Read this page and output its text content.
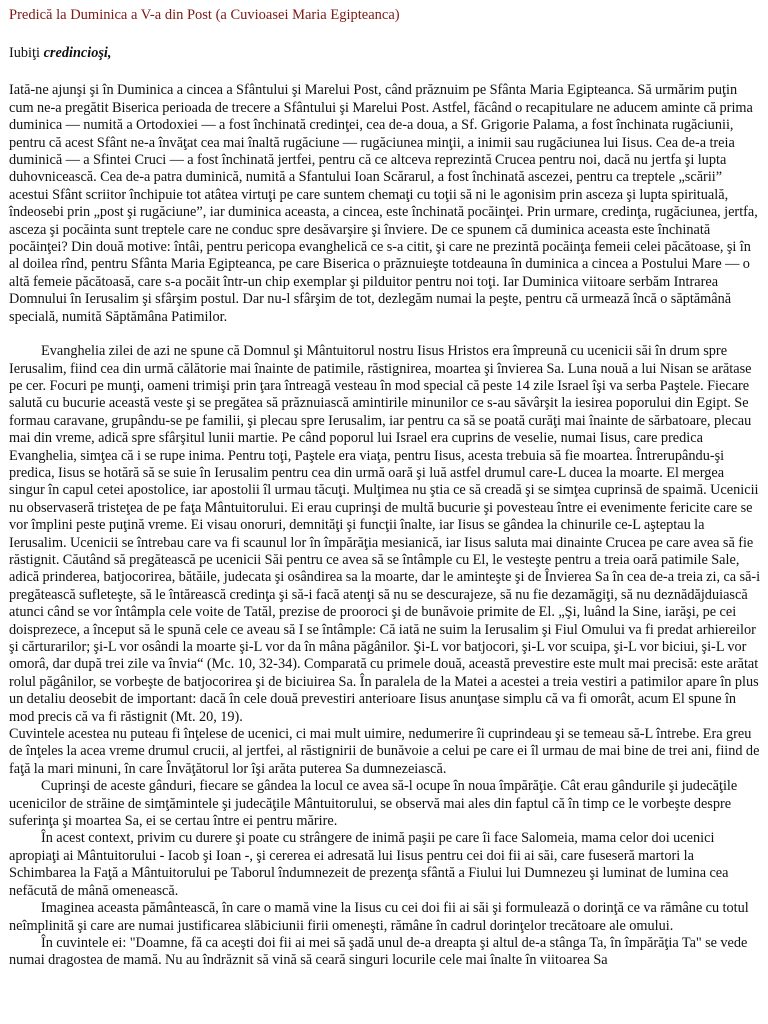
Predică la Duminica a V-a din Post (a Cuvioasei Maria Egipteanca)

Iubiţi credincioşi,

Iată-ne ajunşi şi în Duminica a cincea a Sfântului şi Marelui Post, când prăznuim pe Sfânta Maria Egipteanca. Să urmărim puţin cum ne-a pregătit Biserica perioada de trecere a Sfântului şi Marelui Post. Astfel, făcând o recapitulare ne aducem aminte că prima duminica — numită a Ortodoxiei — a fost închinată credinţei, cea de-a doua, a Sf. Grigorie Palama, a fost închinata rugăciunii, pentru că acest Sfânt ne-a învăţat cea mai înaltă rugăciune — rugăciunea minţii, a inimii sau rugăciunea lui Iisus. Cea de-a treia duminică — a Sfintei Cruci — a fost închinată jertfei, pentru că ce altceva reprezintă Crucea pentru noi, dacă nu jertfa şi lupta duhovnicească. Cea de-a patra duminică, numită a Sfantului Ioan Scărarul, a fost închinată ascezei, pentru ca treptele „scării” acestui Sfânt scriitor închipuie tot atâtea virtuţi pe care suntem chemaţi cu toţii să ni le agonisim prin asceza şi lupta spirituală, îndeosebi prin „post şi rugăciune”, iar duminica aceasta, a cincea, este închinată pocăinţei. Prin urmare, credinţa, rugăciunea, jertfa, asceza şi pocăinta sunt treptele care ne conduc spre desăvarşire şi înviere. De ce spunem că duminica aceasta este închinată pocăinţei? Din două motive: întâi, pentru pericopa evanghelică ce s-a citit, şi care ne prezintă pocăinţa femeii celei păcătoase, şi în al doilea rînd, pentru Sfânta Maria Egipteanca, pe care Biserica o prăznuieşte totdeauna în duminica a cincea a Postului Mare — o altă femeie păcătoasă, care s-a pocăit într-un chip exemplar şi pilduitor pentru noi toţi. Iar Duminica viitoare serbăm Intrarea Domnului în Ierusalim şi sfârşim postul. Dar nu-l sfârşim de tot, dezlegăm numai la peşte, pentru că urmează încă o săptămână specială, numită Săptămâna Patimilor.

Evanghelia zilei de azi ne spune că Domnul şi Mântuitorul nostru Iisus Hristos era împreună cu ucenicii săi în drum spre Ierusalim, fiind cea din urmă călătorie mai înainte de patimile, răstignirea, moartea şi învierea Sa. Luna nouă a lui Nisan se arătase pe cer. Focuri pe munţi, oameni trimişi prin ţara întreagă vesteau în mod special că peste 14 zile Israel îşi va serba Paştele. Fiecare salută cu bucurie această veste şi se pregătea să prăznuiască amintirile minunilor ce s-au săvârşit la iesirea poporului din Egipt. Se formau caravane, grupându-se pe familii, şi plecau spre Ierusalim, iar pentru ca să se poată curăţi mai înainte de sărbatoare, plecau mai din vreme, adică spre sfârşitul lunii martie. Pe când poporul lui Israel era cuprins de veselie, numai Iisus, care predica Evanghelia, simţea că i se rupe inima. Pentru toţi, Paştele era viaţa, pentru Iisus, acesta trebuia să fie moartea. Întrerupându-şi predica, Iisus se hotără să se suie în Ierusalim pentru cea din urmă oară şi luă astfel drumul care-L ducea la moarte. El mergea singur în capul cetei apostolice, iar apostolii îl urmau tăcuţi. Mulţimea nu ştia ce să creadă şi se simţea cuprinsă de spaimă. Ucenicii nu observaseră tristeţea de pe faţa Mântuitorului. Ei erau cuprinşi de multă bucurie şi povesteau între ei evenimente fericite care se vor împlini peste puţină vreme. Ei visau onoruri, demnităţi şi funcţii înalte, iar Iisus se gândea la chinurile ce-L aşteptau la Ierusalim. Ucenicii se întrebau care va fi scaunul lor în împărăţia mesianică, iar Iisus saluta mai dinainte Crucea pe care avea să fie răstignit. Căutând să pregătească pe ucenicii Săi pentru ce avea să se întâmple cu El, le vesteşte pentru a treia oară patimile Sale, adică prinderea, batjocorirea, bătăile, judecata şi osândirea sa la moarte, dar le aminteşte şi de Învierea Sa în cea de-a treia zi, ca să-i pregătească sufleteşte, să le întărească credinţa şi să-i facă atenţi să nu se descurajeze, să nu fie dezamăgiţi, să nu deznădăjduiască atunci când se vor întâmpla cele voite de Tatăl, prezise de prooroci şi de bunăvoie primite de El. „Şi, luând la Sine, iarăşi, pe cei doisprezece, a început să le spună cele ce aveau să I se întâmple: Că iată ne suim la Ierusalim şi Fiul Omului va fi predat arhiereilor şi cărturarilor; şi-L vor osândi la moarte şi-L vor da în mâna păgânilor. Şi-L vor batjocori, şi-L vor scuipa, şi-L vor biciui, şi-L vor omorâ, dar după trei zile va învia“ (Mc. 10, 32-34). Comparată cu primele două, această prevestire este mult mai precisă: este arătat rolul păgânilor, se vorbeşte de batjocorirea şi de biciuirea Sa. În paralela de la Matei a acestei a treia vestiri a patimilor apare în plus un detaliu deosebit de important: dacă în cele două prevestiri anterioare Iisus anunţase simplu că va fi omorât, acum El spune în mod precis că va fi răstignit (Mt. 20, 19).

Cuvintele acestea nu puteau fi înţelese de ucenici, ci mai mult uimire, nedumerire îi cuprindeau şi se temeau să-L întrebe. Era greu de înţeles la acea vreme drumul crucii, al jertfei, al răstignirii de bunăvoie a celui pe care ei îl urmau de mai bine de trei ani, fiind de faţă la mari minuni, în care Învăţătorul lor îşi arăta puterea Sa dumnezeiască.

Cuprinşi de aceste gânduri, fiecare se gândea la locul ce avea să-l ocupe în noua împărăţie. Cât erau gândurile şi judecăţile ucenicilor de străine de simţămintele şi judecăţile Mântuitorului, se observă mai ales din faptul că în timp ce le vorbeşte despre suferinţa şi moartea Sa, ei se certau între ei pentru mărire.

În acest context, privim cu durere şi poate cu strângere de inimă paşii pe care îi face Salomeia, mama celor doi ucenici apropiaţi ai Mântuitorului - Iacob şi Ioan -, şi cererea ei adresată lui Iisus pentru cei doi fii ai săi, care fuseseră martori la Schimbarea la Faţă a Mântuitorului pe Taborul îndumnezeit de prezenţa sfântă a Fiului lui Dumnezeu şi luminat de lumina cea nefăcută de mână omenească.

Imaginea aceasta pământească, în care o mamă vine la Iisus cu cei doi fii ai săi şi formulează o dorinţă ce va rămâne cu totul neîmplinită şi care are numai justificarea slăbiciunii firii omeneşti, rămâne în cadrul dorinţelor trecătoare ale omului.

În cuvintele ei: "Doamne, fă ca aceşti doi fii ai mei să şadă unul de-a dreapta şi altul de-a stânga Ta, în împărăţia Ta" se vede numai dragostea de mamă. Nu au îndrăznit să vină să ceară singuri locurile cele mai înalte în viitoarea Sa
